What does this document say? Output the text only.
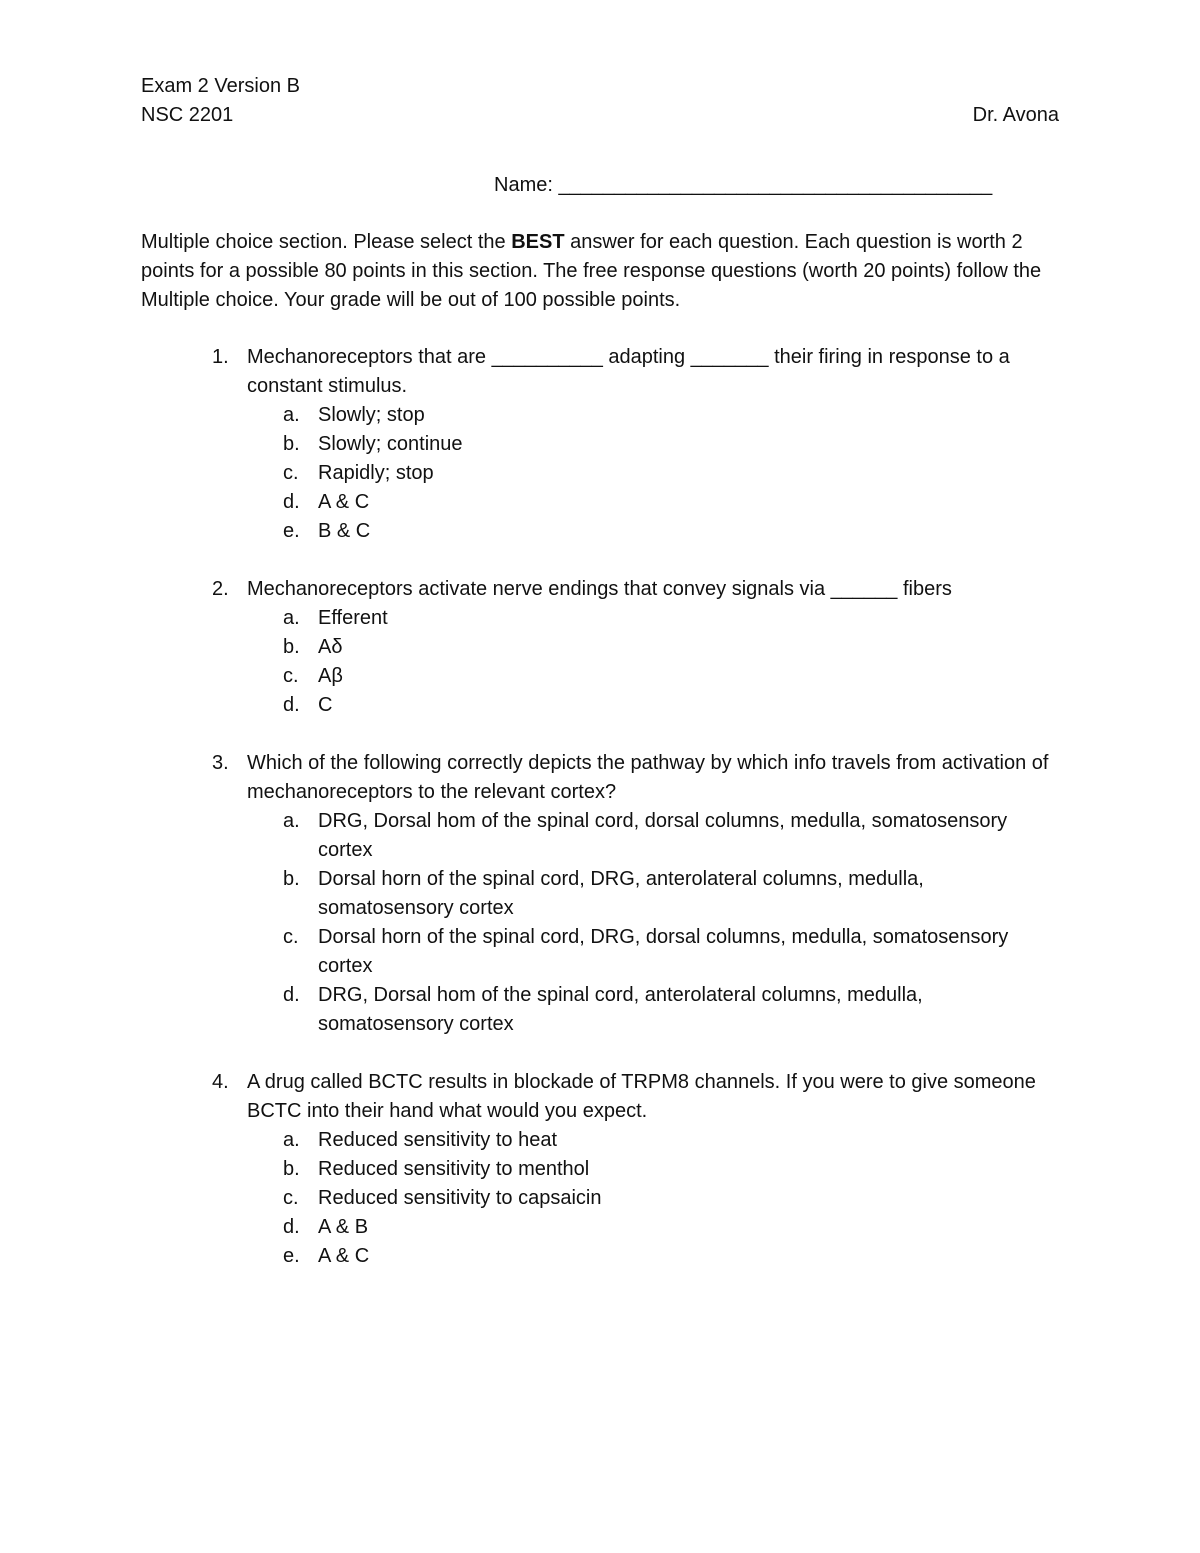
Exam 2 Version B
NSC 2201	Dr. Avona
Name: _______________________________________
Multiple choice section. Please select the BEST answer for each question. Each question is worth 2 points for a possible 80 points in this section. The free response questions (worth 20 points) follow the Multiple choice. Your grade will be out of 100 possible points.
1. Mechanoreceptors that are __________ adapting _______ their firing in response to a constant stimulus.
a. Slowly; stop
b. Slowly; continue
c. Rapidly; stop
d. A & C
e. B & C
2. Mechanoreceptors activate nerve endings that convey signals via ______ fibers
a. Efferent
b. Aδ
c. Aβ
d. C
3. Which of the following correctly depicts the pathway by which info travels from activation of mechanoreceptors to the relevant cortex?
a. DRG, Dorsal hom of the spinal cord, dorsal columns, medulla, somatosensory cortex
b. Dorsal horn of the spinal cord, DRG, anterolateral columns, medulla, somatosensory cortex
c. Dorsal horn of the spinal cord, DRG, dorsal columns, medulla, somatosensory cortex
d. DRG, Dorsal hom of the spinal cord, anterolateral columns, medulla, somatosensory cortex
4. A drug called BCTC results in blockade of TRPM8 channels. If you were to give someone BCTC into their hand what would you expect.
a. Reduced sensitivity to heat
b. Reduced sensitivity to menthol
c. Reduced sensitivity to capsaicin
d. A & B
e. A & C
